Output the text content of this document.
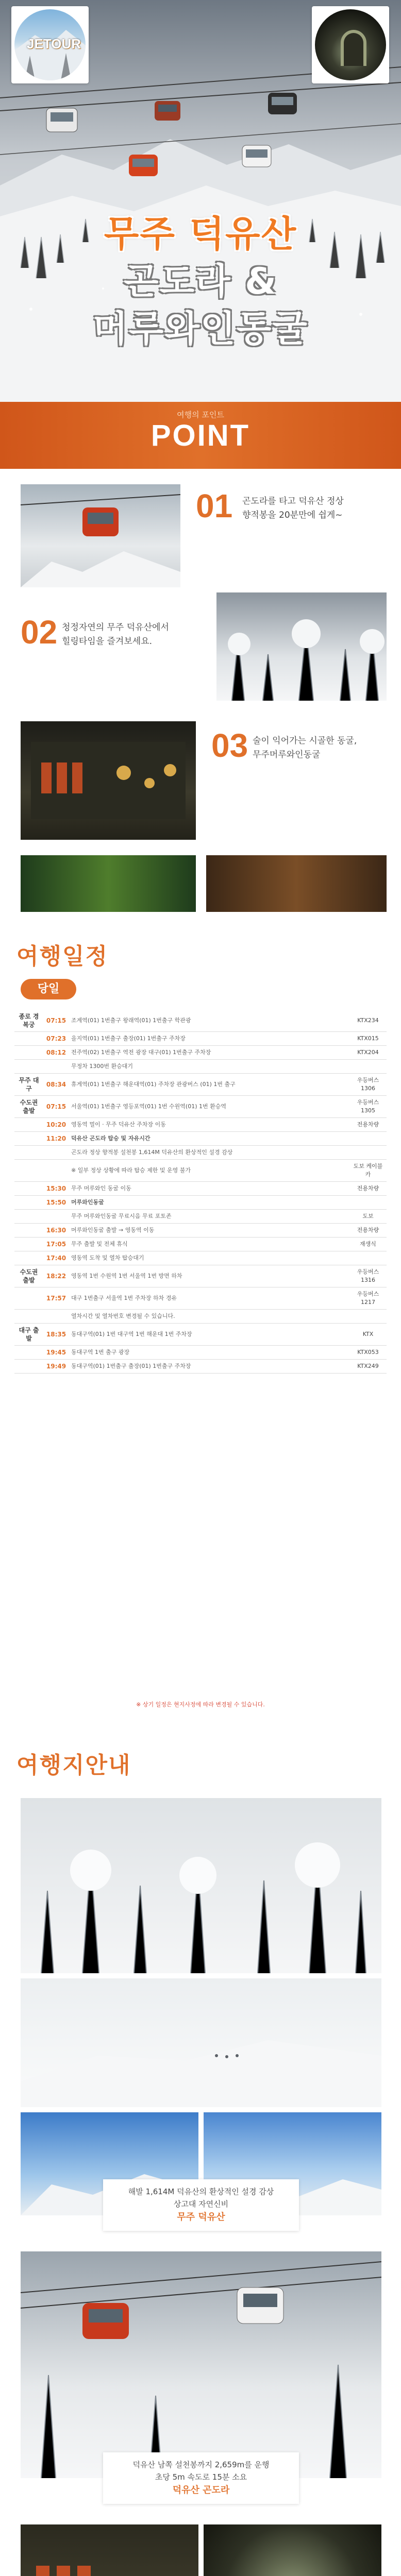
JETOUR
무주 덕유산
곤도라 &
머루와인동굴
여행의 포인트
POINT
01 곤도라를 타고 덕유산 정상
향적봉을 20분만에 쉽게~
02 청정자연의 무주 덕유산에서
힐링타임을 즐겨보세요.
03 술이 익어가는 시골한 동굴,
무주머루와인동굴
여행일정
당일
종로 경복궁	07:15	조계역(01) 1번출구 왕래역(01) 1번출구 학관광	KTX234
	07:23	을지역(01) 1번출구 출장(01) 1번출구 주차장	KTX015
	08:12	전주역(02) 1번출구 역전 광장 대구(01) 1번출구 주차장	KTX204
		무정차 1300번 환승대기	
무주 대구	08:34	휴게역(01) 1번출구 해운대역(01) 주차장 관광버스 (01) 1번 출구	우등버스 1306
수도권 출발	07:15	서울역(01) 1번출구 영등포역(01) 1번 수원역(01) 1번 환승역	우등버스 1305
	10:20	영동역 멀이 · 무주 덕유산 주차장 이동	전용차량
	11:20	덕유산 곤도라 탑승 및 자유시간	
		곤도라 정상 향적봉 설천봉 1,614M 덕유산의 환상적인 설경 감상	
		※ 일부 정상 상황에 따라 탑승 제한 및 운영 불가	도보 케이블카
	15:30	무주 머루와인 동굴 이동	전용차량
	15:50	머루와인동굴	
		무주 머루와인동굴 무료시음 무료 포토존	도보
	16:30	머루와인동굴 출발 → 영동역 이동	전용차량
	17:05	무주 출발 및 전체 휴식	재생식
	17:40	영동역 도착 및 열차 탑승대기	
수도권 출발	18:22	영동역 1번 수원역 1번 서울역 1번 방면 하차	우등버스 1316
	17:57	대구 1번출구 서울역 1번 주차장 하차 경유	우등버스 1217
		열차시간 및 열차번호 변경될 수 있습니다.	
대구 출발	18:35	동대구역(01) 1번 대구역 1번 해운대 1번 주차장	KTX
	19:45	동대구역 1번 출구 광장	KTX053
	19:49	동대구역(01) 1번출구 출장(01) 1번출구 주차장	KTX249
※ 상기 일정은 현지사정에 따라 변경될 수 있습니다.
여행지안내
해발 1,614M 덕유산의 환상적인 설경 감상
상고대 자연신비
무주 덕유산
덕유산 남쪽 설천봉까지 2,659m를 운행
초당 5m 속도로 15분 소요
덕유산 곤도라
